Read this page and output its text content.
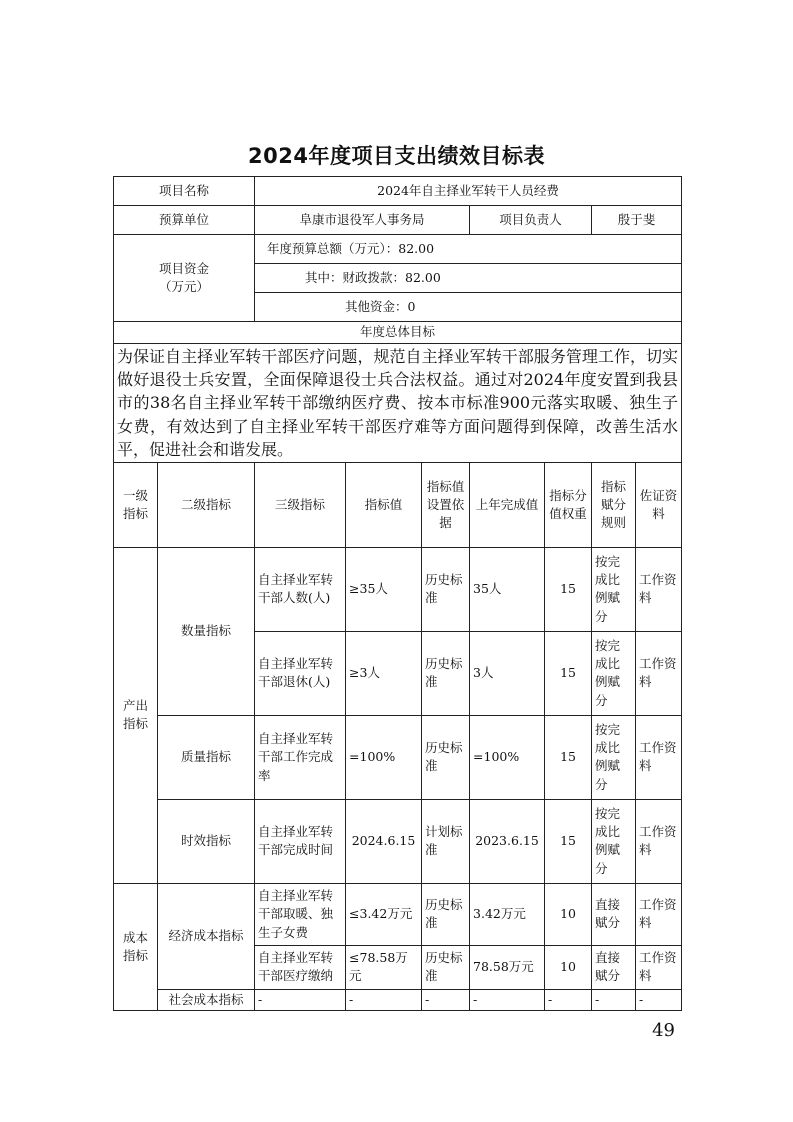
2024年度项目支出绩效目标表
项目名称		2024年自主择业军转干人员经费						
预算单位		阜康市退役军人事务局			项目负责人		殷于斐	

项目资金
（万元）		年度预算总额（万元）：82.00						
		其中：财政拨款：82.00						
		其他资金：0						
年度总体目标								
为保证自主择业军转干部医疗问题，规范自主择业军转干部服务管理工作，切实做好退役士兵安置，全面保障退役士兵合法权益。通过对2024年度安置到我县市的38名自主择业军转干部缴纳医疗费、按本市标准900元落实取暖、独生子女费，有效达到了自主择业军转干部医疗难等方面问题得到保障，改善生活水平，促进社会和谐发展。								
一级指标	二级指标	三级指标	指标值	指标值设置依据	上年完成值	指标分值权重	指标赋分规则	佐证资料
产出指标	数量指标	自主择业军转干部人数(人)	≥35人	历史标准	35人	15	按完成比例赋分	工作资料
		自主择业军转干部退休(人)	≥3人	历史标准	3人	15	按完成比例赋分	工作资料
	质量指标	自主择业军转干部工作完成率	=100%	历史标准	=100%	15	按完成比例赋分	工作资料
	时效指标	自主择业军转干部完成时间	2024.6.15	计划标准	2023.6.15	15	按完成比例赋分	工作资料
成本指标	经济成本指标	自主择业军转干部取暖、独生子女费	≤3.42万元	历史标准	3.42万元	10	直接赋分	工作资料
		自主择业军转干部医疗缴纳	≤78.58万元	历史标准	78.58万元	10	直接赋分	工作资料
	社会成本指标	-	-	-	-	-	-	-
49
